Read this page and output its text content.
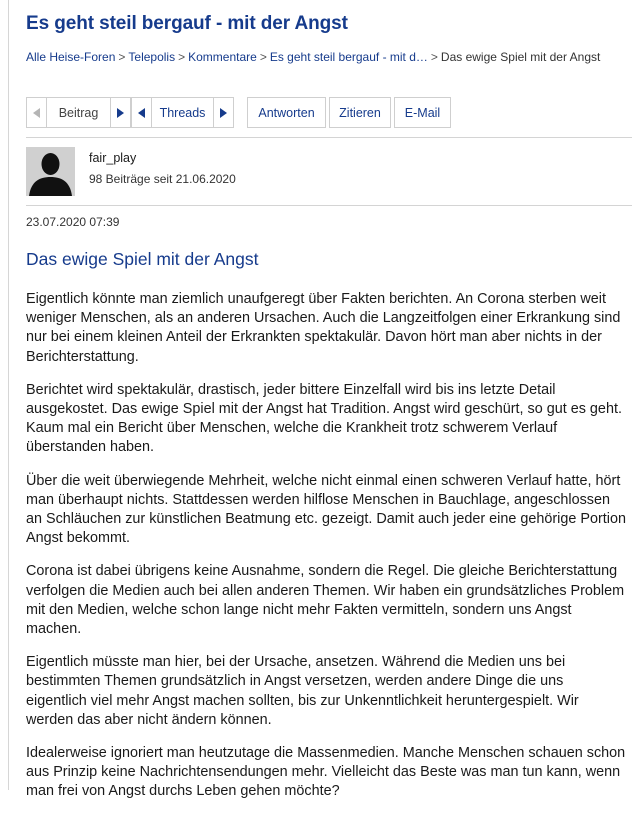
Es geht steil bergauf - mit der Angst
Alle Heise-Foren > Telepolis > Kommentare > Es geht steil bergauf - mit d… > Das ewige Spiel mit der Angst
Beitrag	Threads	Antworten	Zitieren	E-Mail
fair_play
98 Beiträge seit 21.06.2020
23.07.2020 07:39
Das ewige Spiel mit der Angst

Eigentlich könnte man ziemlich unaufgeregt über Fakten berichten. An Corona sterben weit weniger Menschen, als an anderen Ursachen. Auch die Langzeitfolgen einer Erkrankung sind nur bei einem kleinen Anteil der Erkrankten spektakulär. Davon hört man aber nichts in der Berichterstattung.

Berichtet wird spektakulär, drastisch, jeder bittere Einzelfall wird bis ins letzte Detail ausgekostet. Das ewige Spiel mit der Angst hat Tradition. Angst wird geschürt, so gut es geht. Kaum mal ein Bericht über Menschen, welche die Krankheit trotz schwerem Verlauf überstanden haben.

Über die weit überwiegende Mehrheit, welche nicht einmal einen schweren Verlauf hatte, hört man überhaupt nichts. Stattdessen werden hilflose Menschen in Bauchlage, angeschlossen an Schläuchen zur künstlichen Beatmung etc. gezeigt. Damit auch jeder eine gehörige Portion Angst bekommt.

Corona ist dabei übrigens keine Ausnahme, sondern die Regel. Die gleiche Berichterstattung verfolgen die Medien auch bei allen anderen Themen. Wir haben ein grundsätzliches Problem mit den Medien, welche schon lange nicht mehr Fakten vermitteln, sondern uns Angst machen.

Eigentlich müsste man hier, bei der Ursache, ansetzen. Während die Medien uns bei bestimmten Themen grundsätzlich in Angst versetzen, werden andere Dinge die uns eigentlich viel mehr Angst machen sollten, bis zur Unkenntlichkeit heruntergespielt. Wir werden das aber nicht ändern können.

Idealerweise ignoriert man heutzutage die Massenmedien. Manche Menschen schauen schon aus Prinzip keine Nachrichtensendungen mehr. Vielleicht das Beste was man tun kann, wenn man frei von Angst durchs Leben gehen möchte?
